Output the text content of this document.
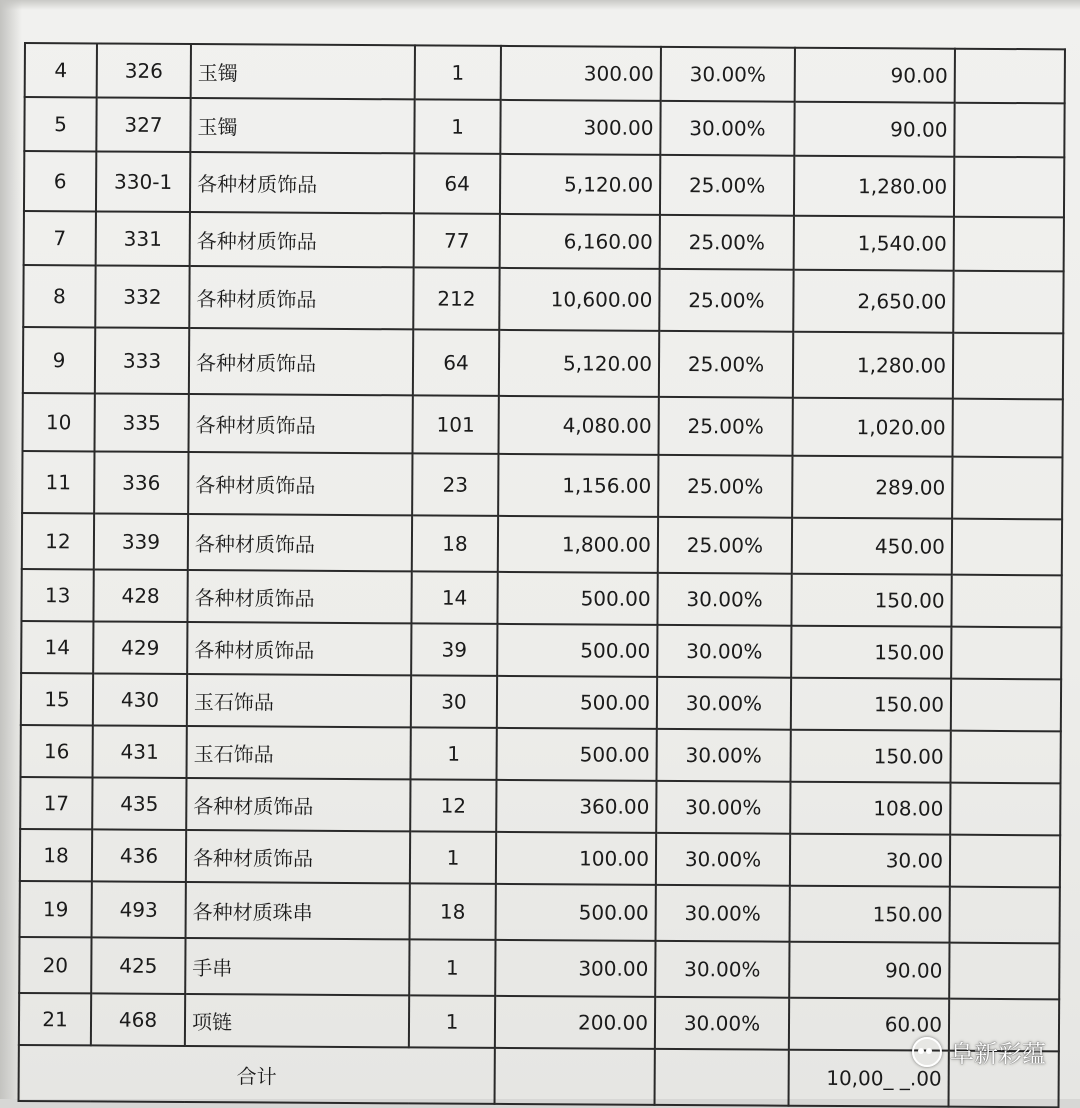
4	326	玉镯	1	300.00	30.00%	90.00	
5	327	玉镯	1	300.00	30.00%	90.00	
6	330-1	各种材质饰品	64	5,120.00	25.00%	1,280.00	
7	331	各种材质饰品	77	6,160.00	25.00%	1,540.00	
8	332	各种材质饰品	212	10,600.00	25.00%	2,650.00	
9	333	各种材质饰品	64	5,120.00	25.00%	1,280.00	
10	335	各种材质饰品	101	4,080.00	25.00%	1,020.00	
11	336	各种材质饰品	23	1,156.00	25.00%	289.00	
12	339	各种材质饰品	18	1,800.00	25.00%	450.00	
13	428	各种材质饰品	14	500.00	30.00%	150.00	
14	429	各种材质饰品	39	500.00	30.00%	150.00	
15	430	玉石饰品	30	500.00	30.00%	150.00	
16	431	玉石饰品	1	500.00	30.00%	150.00	
17	435	各种材质饰品	12	360.00	30.00%	108.00	
18	436	各种材质饰品	1	100.00	30.00%	30.00	
19	493	各种材质珠串	18	500.00	30.00%	150.00	
20	425	手串	1	300.00	30.00%	90.00	
21	468	项链	1	200.00	30.00%	60.00	
合计						10,00_ _.00	
阜新彩蕴
